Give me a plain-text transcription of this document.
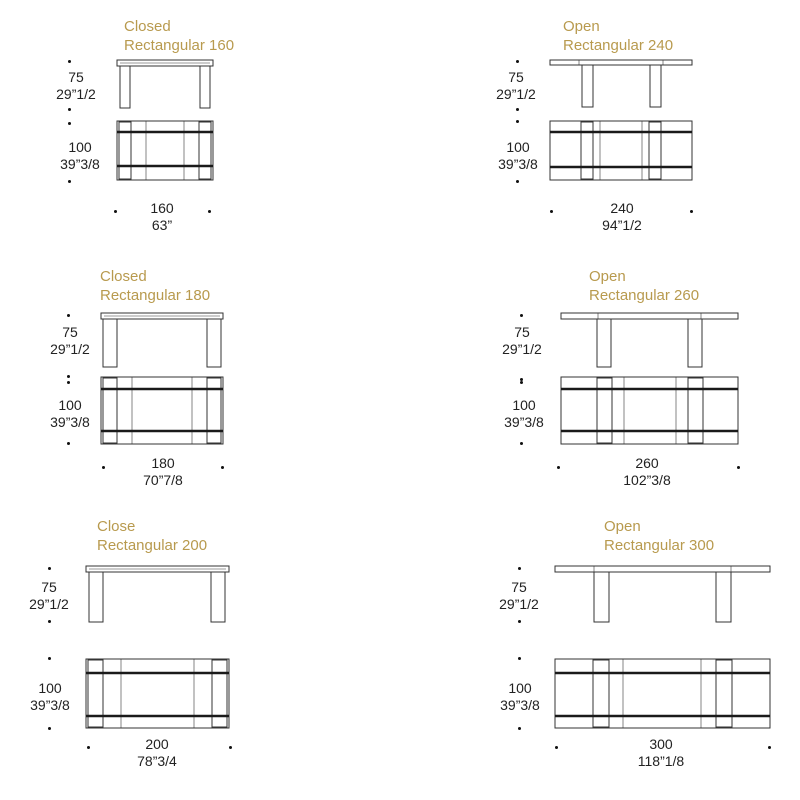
Closed
Rectangular 160
75
29”1/2
100
39”3/8
160
63”
Open
Rectangular 240
75
29”1/2
100
39”3/8
240
94”1/2
Closed
Rectangular 180
75
29”1/2
100
39”3/8
180
70”7/8
Open
Rectangular 260
75
29”1/2
100
39”3/8
260
102”3/8
Close
Rectangular 200
75
29”1/2
100
39”3/8
200
78”3/4
Open
Rectangular 300
75
29”1/2
100
39”3/8
300
118”1/8
